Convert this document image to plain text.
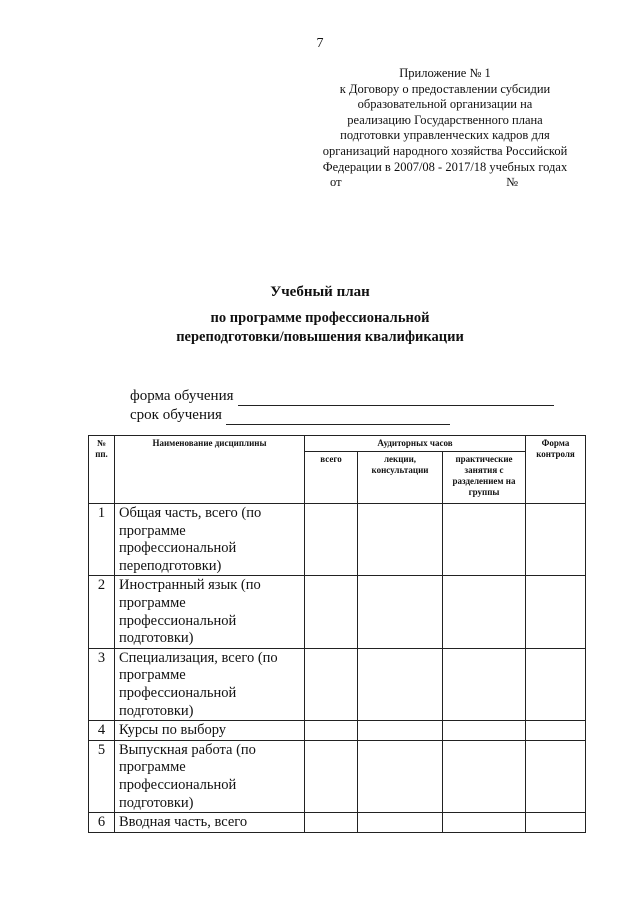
7
Приложение № 1
к Договору о предоставлении субсидии
образовательной организации на
реализацию Государственного плана
подготовки управленческих кадров для
организаций народного хозяйства Российской
Федерации в 2007/08 - 2017/18 учебных годах
от	№
Учебный план
по программе профессиональной
переподготовки/повышения квалификации
форма обучения
срок обучения
№ пп.	Наименование дисциплины	Аудиторных часов			Форма контроля
		всего	лекции, консультации	практические занятия с разделением на группы	
1	Общая часть, всего (по программе профессиональной переподготовки)				
2	Иностранный язык (по программе профессиональной подготовки)				
3	Специализация, всего (по программе профессиональной подготовки)				
4	Курсы по выбору				
5	Выпускная работа (по программе профессиональной подготовки)				
6	Вводная часть, всего				
